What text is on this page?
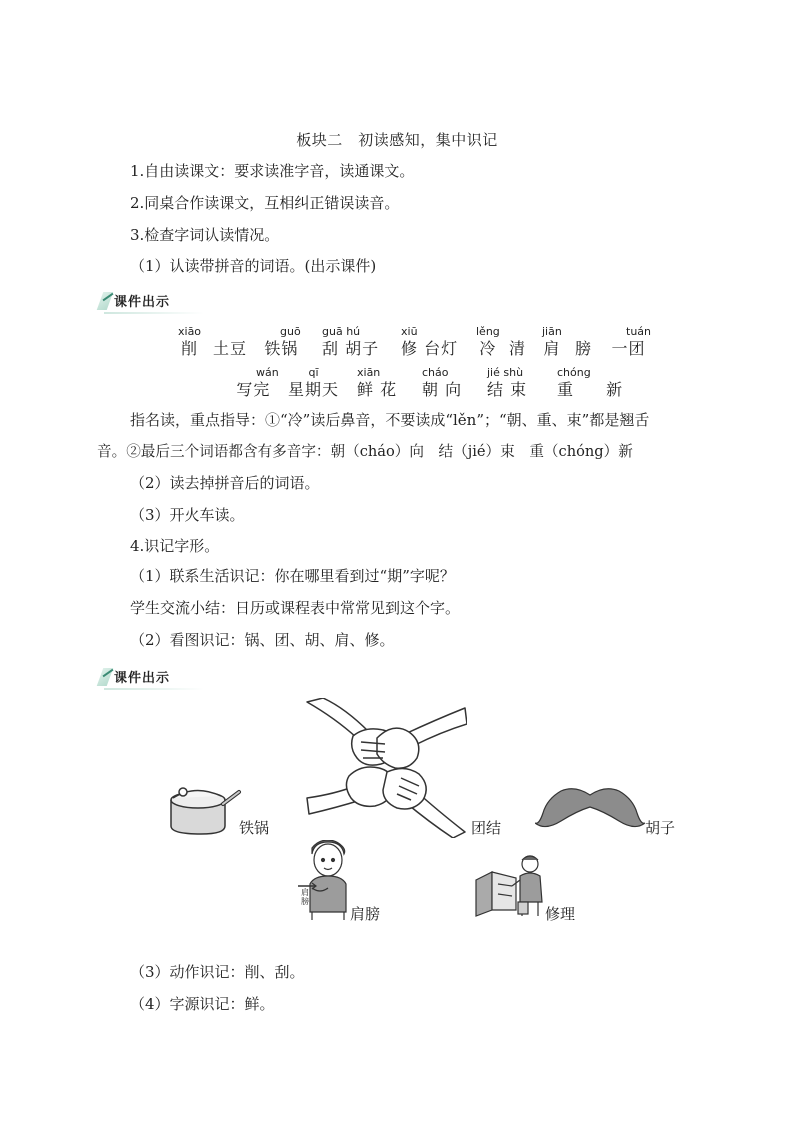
板块二　初读感知，集中识记
1.自由读课文：要求读准字音，读通课文。
2.同桌合作读课文，互相纠正错误读音。
3.检查字词认读情况。
（1）认读带拼音的词语。(出示课件)
课件出示
xiāo
削 土豆
guō
铁锅
guā hú
刮 胡子
xiū
修 台灯
lěng
冷 清
jiān
肩 膀
tuán
一团
wán
写完
qī
星期天
xiān
鲜 花
cháo
朝 向
jié shù
结 束
chóng
重 新
指名读，重点指导：①“冷”读后鼻音，不要读成“lěn”；“朝、重、束”都是翘舌
音。②最后三个词语都含有多音字：朝（cháo）向　结（jié）束　重（chóng）新
（2）读去掉拼音后的词语。
（3）开火车读。
4.识记字形。
（1）联系生活识记：你在哪里看到过“期”字呢？
学生交流小结：日历或课程表中常常见到这个字。
（2）看图识记：锅、团、胡、肩、修。
课件出示
铁锅	团结	胡子
肩膀
肩膀	修理
（3）动作识记：削、刮。
（4）字源识记：鲜。
